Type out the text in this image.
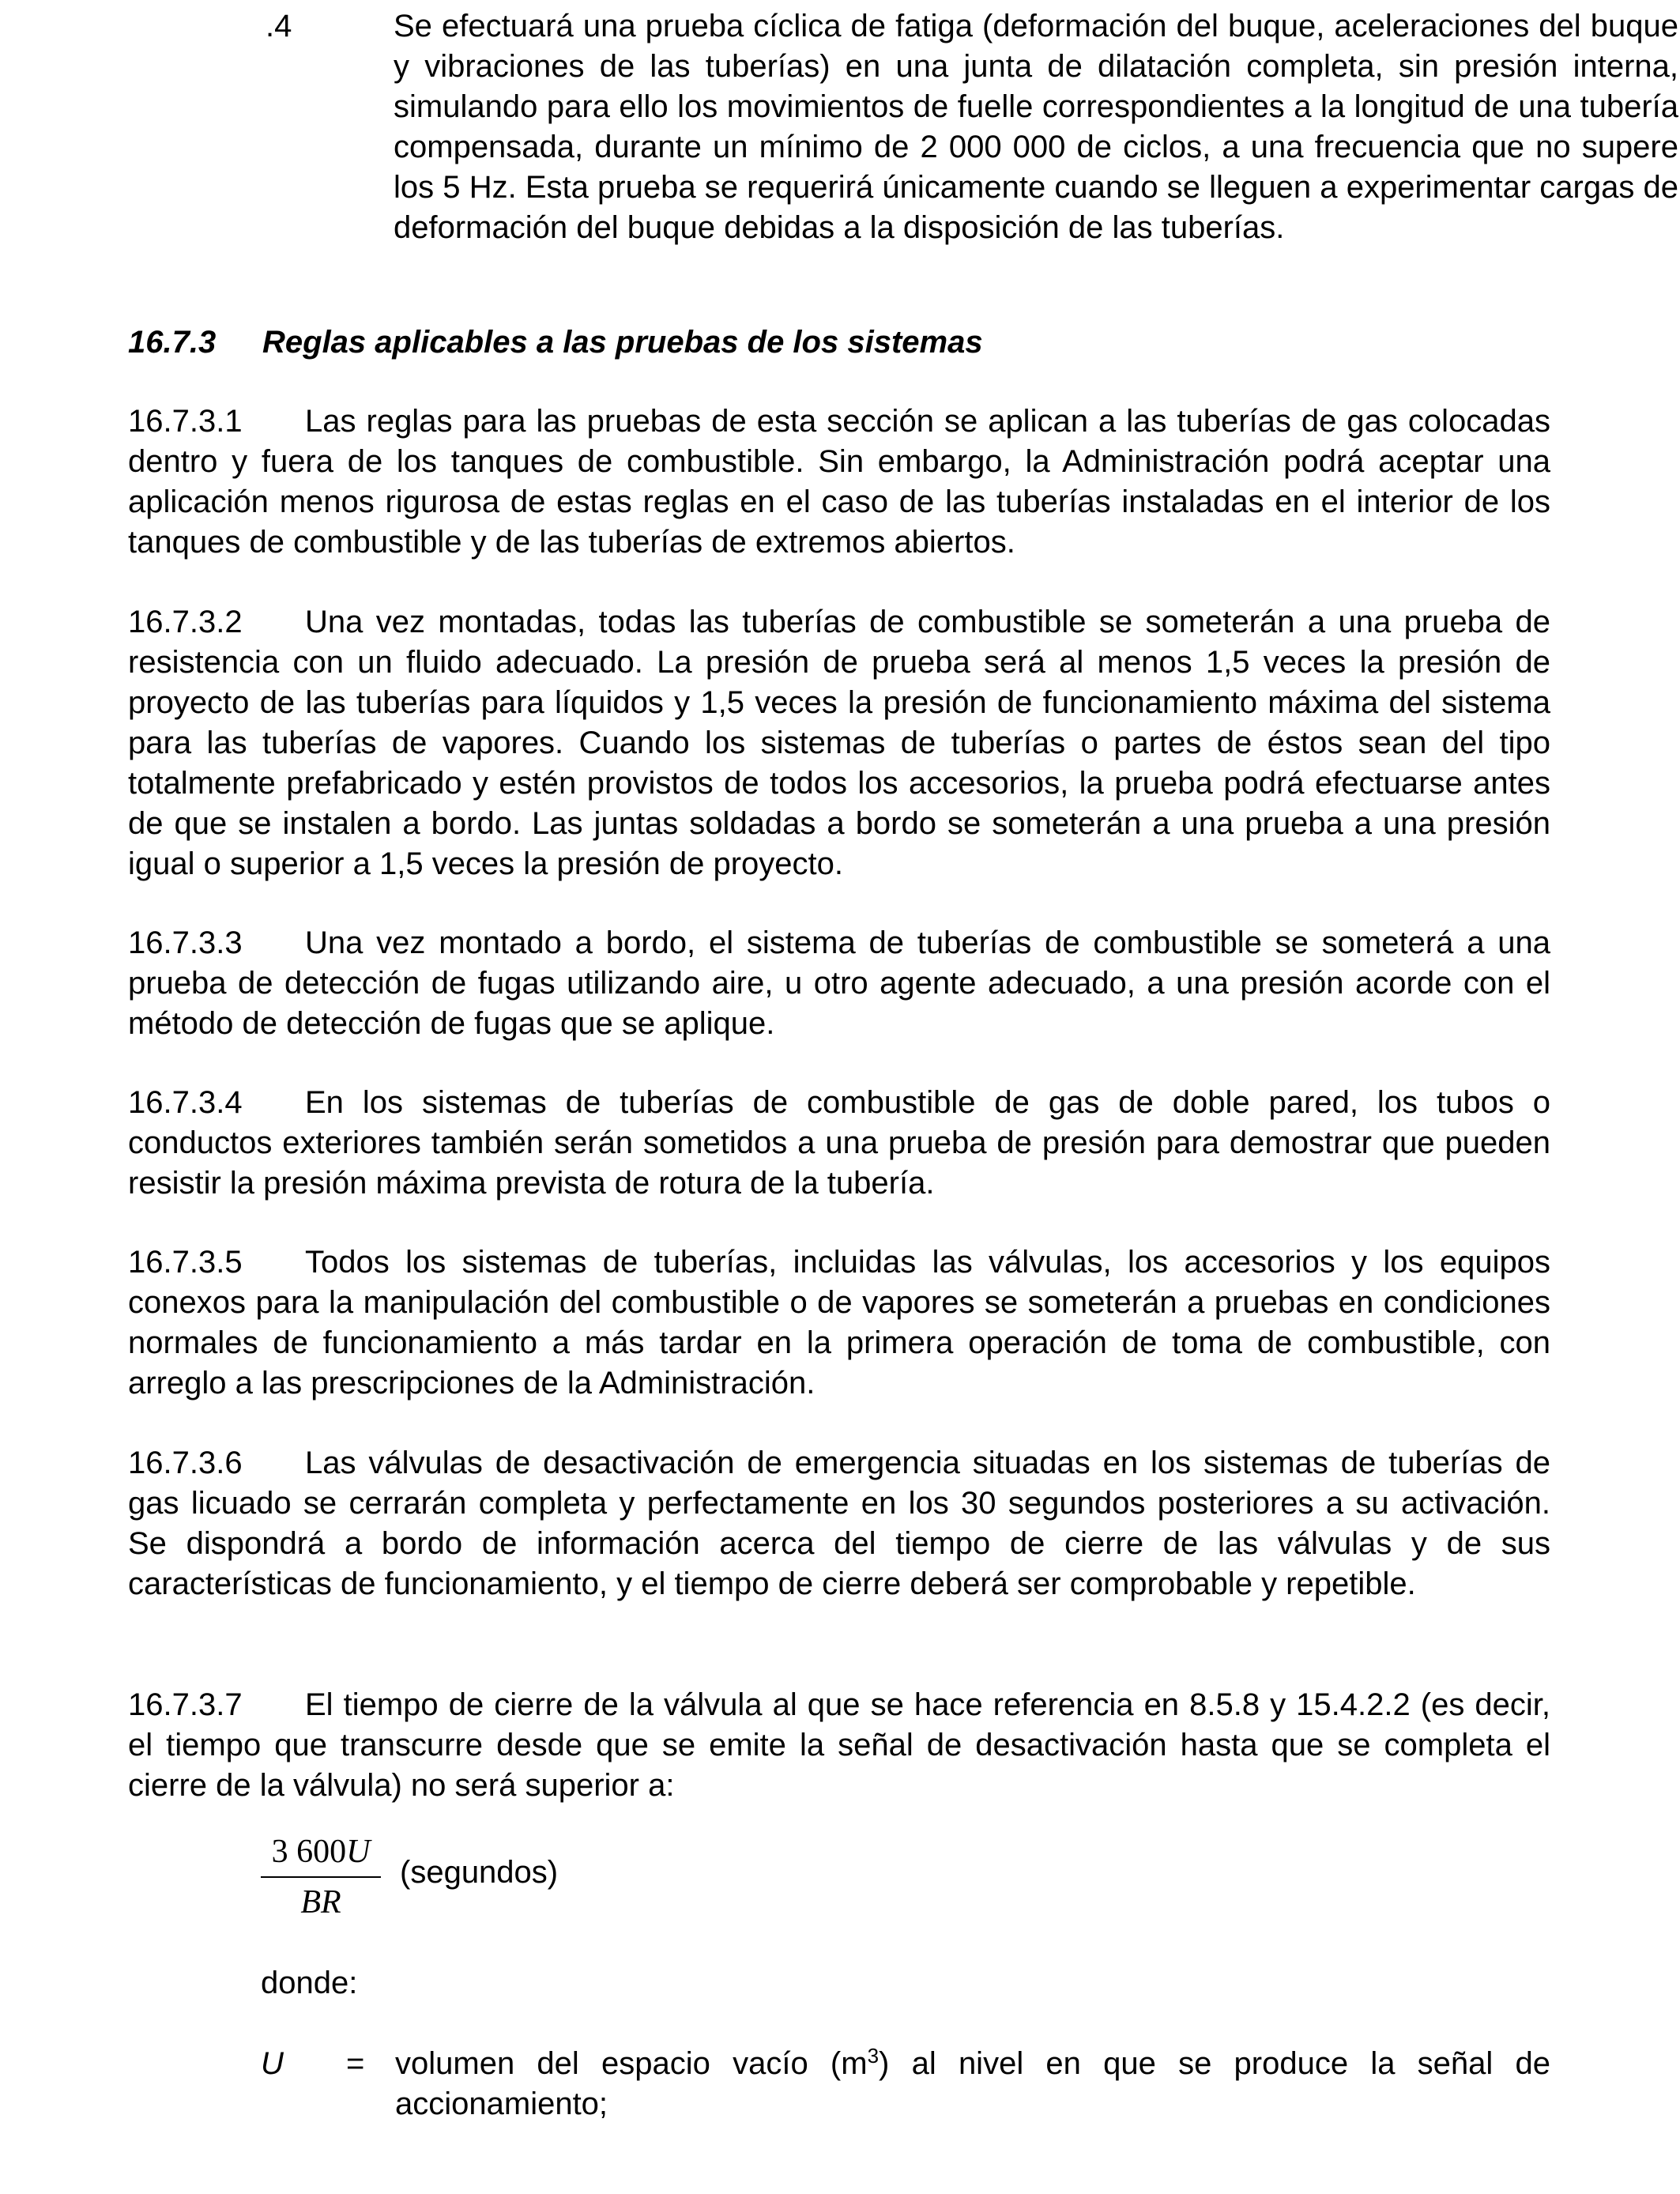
.4	Se efectuará una prueba cíclica de fatiga (deformación del buque, aceleraciones del buque y vibraciones de las tuberías) en una junta de dilatación completa, sin presión interna, simulando para ello los movimientos de fuelle correspondientes a la longitud de una tubería compensada, durante un mínimo de 2 000 000 de ciclos, a una frecuencia que no supere los 5 Hz. Esta prueba se requerirá únicamente cuando se lleguen a experimentar cargas de deformación del buque debidas a la disposición de las tuberías.
16.7.3 Reglas aplicables a las pruebas de los sistemas
16.7.3.1 Las reglas para las pruebas de esta sección se aplican a las tuberías de gas colocadas dentro y fuera de los tanques de combustible. Sin embargo, la Administración podrá aceptar una aplicación menos rigurosa de estas reglas en el caso de las tuberías instaladas en el interior de los tanques de combustible y de las tuberías de extremos abiertos.
16.7.3.2 Una vez montadas, todas las tuberías de combustible se someterán a una prueba de resistencia con un fluido adecuado. La presión de prueba será al menos 1,5 veces la presión de proyecto de las tuberías para líquidos y 1,5 veces la presión de funcionamiento máxima del sistema para las tuberías de vapores. Cuando los sistemas de tuberías o partes de éstos sean del tipo totalmente prefabricado y estén provistos de todos los accesorios, la prueba podrá efectuarse antes de que se instalen a bordo. Las juntas soldadas a bordo se someterán a una prueba a una presión igual o superior a 1,5 veces la presión de proyecto.
16.7.3.3 Una vez montado a bordo, el sistema de tuberías de combustible se someterá a una prueba de detección de fugas utilizando aire, u otro agente adecuado, a una presión acorde con el método de detección de fugas que se aplique.
16.7.3.4 En los sistemas de tuberías de combustible de gas de doble pared, los tubos o conductos exteriores también serán sometidos a una prueba de presión para demostrar que pueden resistir la presión máxima prevista de rotura de la tubería.
16.7.3.5 Todos los sistemas de tuberías, incluidas las válvulas, los accesorios y los equipos conexos para la manipulación del combustible o de vapores se someterán a pruebas en condiciones normales de funcionamiento a más tardar en la primera operación de toma de combustible, con arreglo a las prescripciones de la Administración.
16.7.3.6 Las válvulas de desactivación de emergencia situadas en los sistemas de tuberías de gas licuado se cerrarán completa y perfectamente en los 30 segundos posteriores a su activación. Se dispondrá a bordo de información acerca del tiempo de cierre de las válvulas y de sus características de funcionamiento, y el tiempo de cierre deberá ser comprobable y repetible.
16.7.3.7 El tiempo de cierre de la válvula al que se hace referencia en 8.5.8 y 15.4.2.2 (es decir, el tiempo que transcurre desde que se emite la señal de desactivación hasta que se completa el cierre de la válvula) no será superior a:
$\frac{3 600U}{BR}$ (segundos)
donde:
U = volumen del espacio vacío $(m^3)$ al nivel en que se produce la señal de accionamiento;
